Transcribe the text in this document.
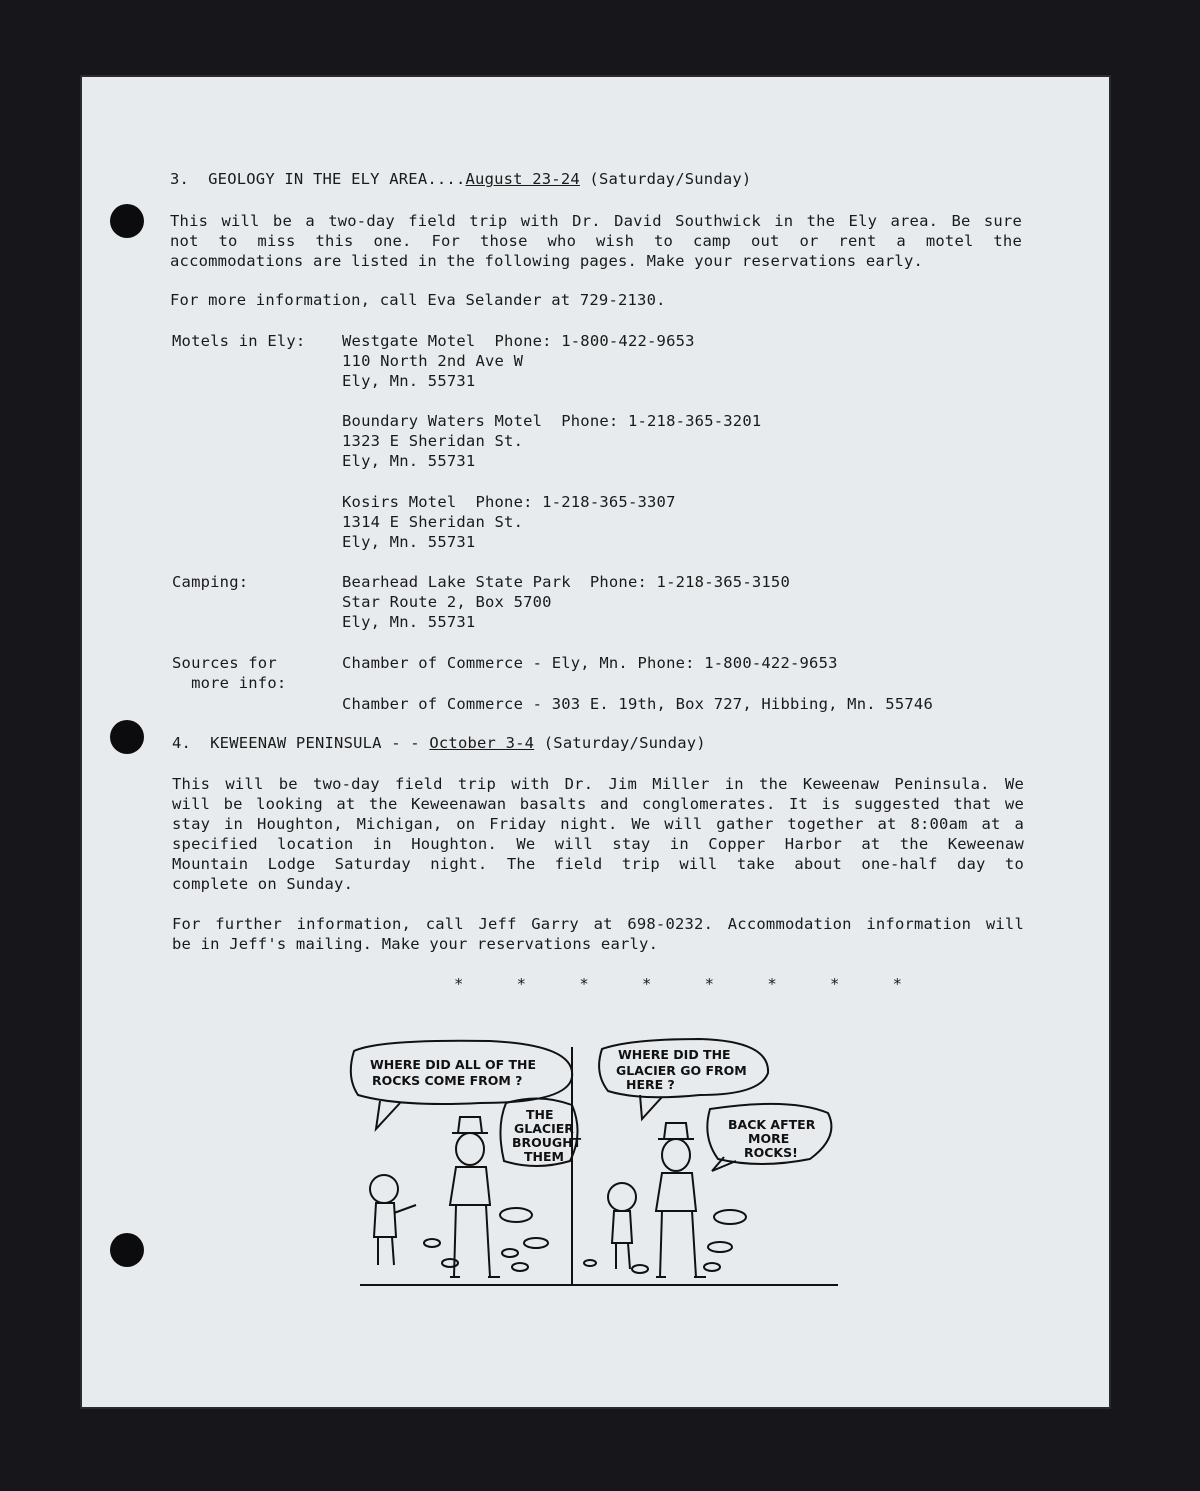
3.  GEOLOGY IN THE ELY AREA....August 23-24 (Saturday/Sunday)
This will be a two-day field trip with Dr. David Southwick in the Ely area. Be sure
not to miss this one. For those who wish to camp out or rent a motel the
accommodations are listed in the following pages. Make your reservations early.
For more information, call Eva Selander at 729-2130.
Motels in Ely: Westgate Motel  Phone: 1-800-422-9653
110 North 2nd Ave W
Ely, Mn. 55731
Boundary Waters Motel  Phone: 1-218-365-3201
1323 E Sheridan St.
Ely, Mn. 55731
Kosirs Motel  Phone: 1-218-365-3307
1314 E Sheridan St.
Ely, Mn. 55731
Camping:	Bearhead Lake State Park  Phone: 1-218-365-3150
Star Route 2, Box 5700
Ely, Mn. 55731
Sources for
more info:
Chamber of Commerce - Ely, Mn. Phone: 1-800-422-9653
Chamber of Commerce - 303 E. 19th, Box 727, Hibbing, Mn. 55746
4.  KEWEENAW PENINSULA - - October 3-4 (Saturday/Sunday)
This will be two-day field trip with Dr. Jim Miller in the Keweenaw Peninsula. We
will be looking at the Keweenawan basalts and conglomerates. It is suggested that we
stay in Houghton, Michigan, on Friday night. We will gather together at 8:00am at a
specified location in Houghton. We will stay in Copper Harbor at the Keweenaw
Mountain Lodge Saturday night. The field trip will take about one-half day to
complete on Sunday.
For further information, call Jeff Garry at 698-0232. Accommodation information will
be in Jeff's mailing. Make your reservations early.
* * * * * * * *
WHERE DID ALL OF THE
ROCKS COME FROM ?
THE
GLACIER
BROUGHT
THEM
WHERE DID THE
GLACIER GO FROM
HERE ?
BACK AFTER
MORE
ROCKS!
